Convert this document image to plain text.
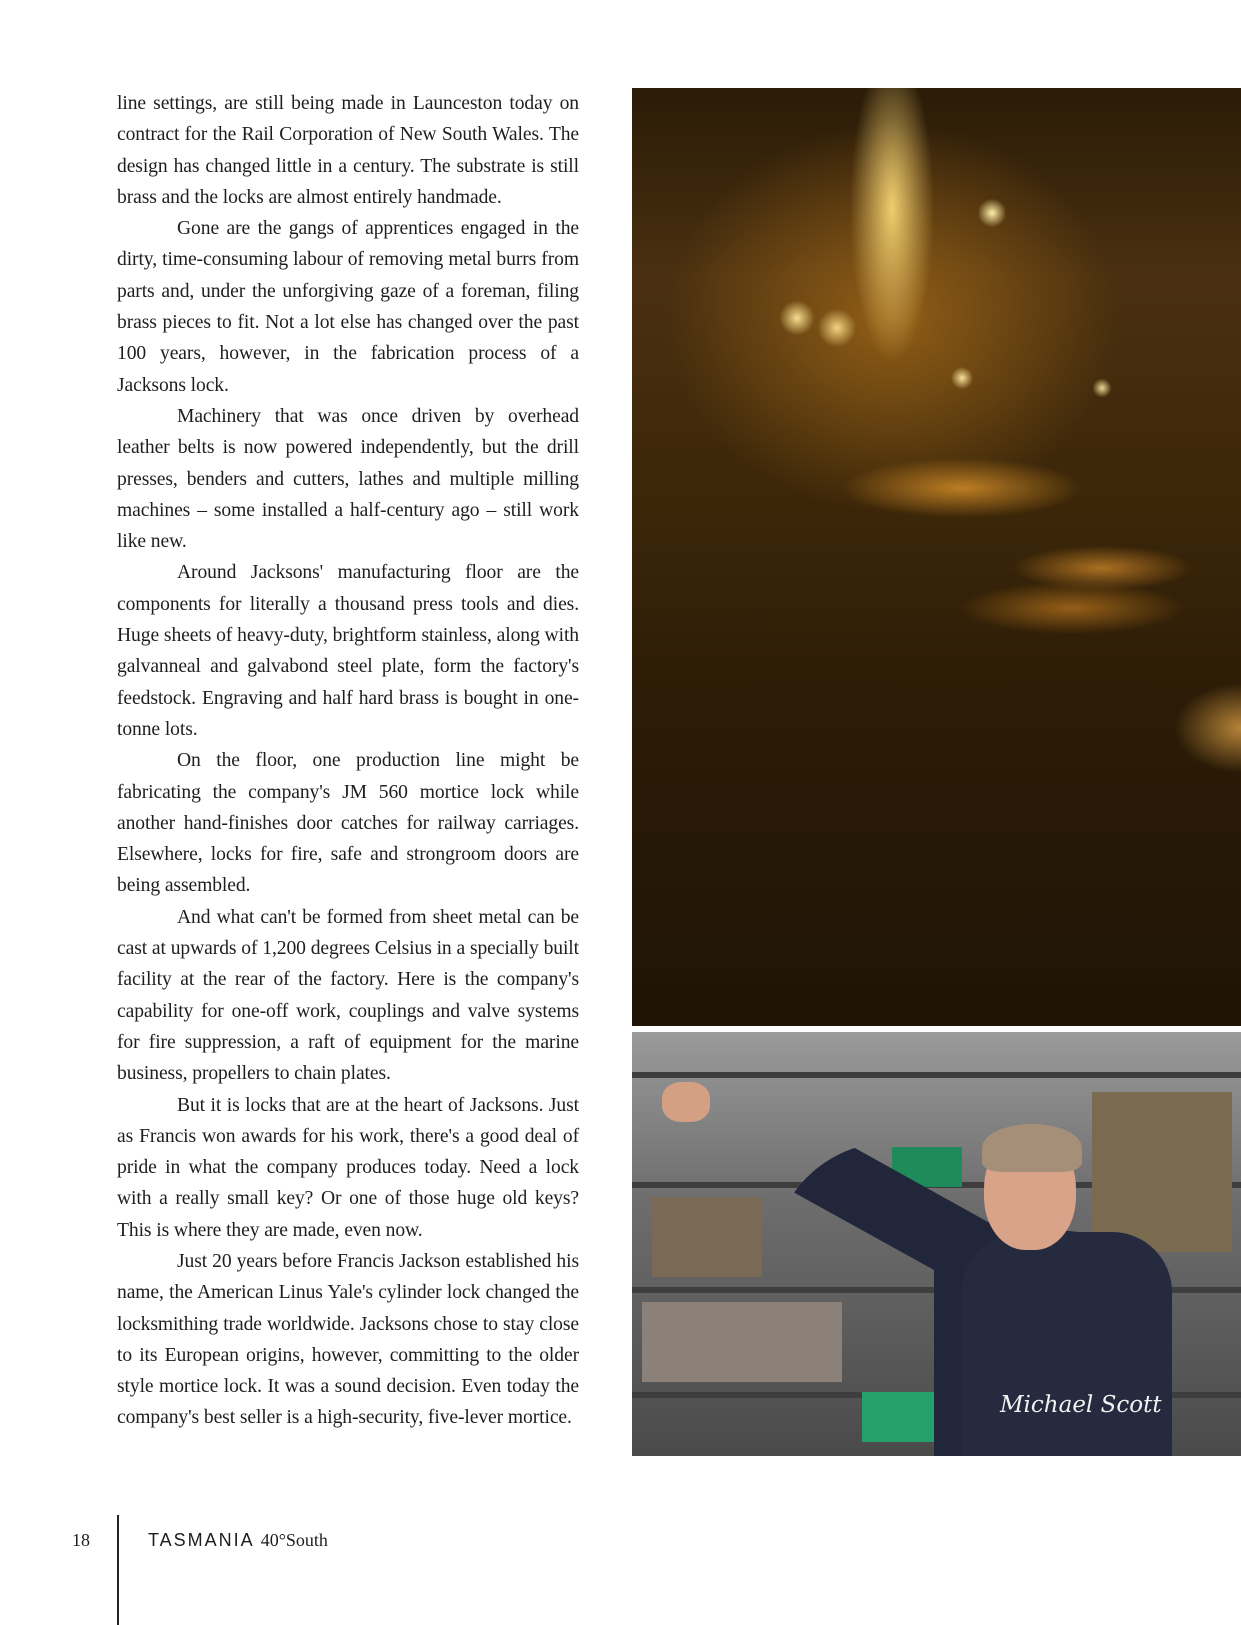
line settings, are still being made in Launceston today on contract for the Rail Corporation of New South Wales. The design has changed little in a century. The substrate is still brass and the locks are almost entirely handmade.

Gone are the gangs of apprentices engaged in the dirty, time-consuming labour of removing metal burrs from parts and, under the unforgiving gaze of a foreman, filing brass pieces to fit. Not a lot else has changed over the past 100 years, however, in the fabrication process of a Jacksons lock.

Machinery that was once driven by overhead leather belts is now powered independently, but the drill presses, benders and cutters, lathes and multiple milling machines – some installed a half-century ago – still work like new.

Around Jacksons' manufacturing floor are the components for literally a thousand press tools and dies. Huge sheets of heavy-duty, brightform stainless, along with galvanneal and galvabond steel plate, form the factory's feedstock. Engraving and half hard brass is bought in one-tonne lots.

On the floor, one production line might be fabricating the company's JM 560 mortice lock while another hand-finishes door catches for railway carriages. Elsewhere, locks for fire, safe and strongroom doors are being assembled.

And what can't be formed from sheet metal can be cast at upwards of 1,200 degrees Celsius in a specially built facility at the rear of the factory. Here is the company's capability for one-off work, couplings and valve systems for fire suppression, a raft of equipment for the marine business, propellers to chain plates.

But it is locks that are at the heart of Jacksons. Just as Francis won awards for his work, there's a good deal of pride in what the company produces today. Need a lock with a really small key? Or one of those huge old keys? This is where they are made, even now.

Just 20 years before Francis Jackson established his name, the American Linus Yale's cylinder lock changed the locksmithing trade worldwide. Jacksons chose to stay close to its European origins, however, committing to the older style mortice lock. It was a sound decision. Even today the company's best seller is a high-security, five-lever mortice.	Michael Scott
18	TASMANIA 40°South
